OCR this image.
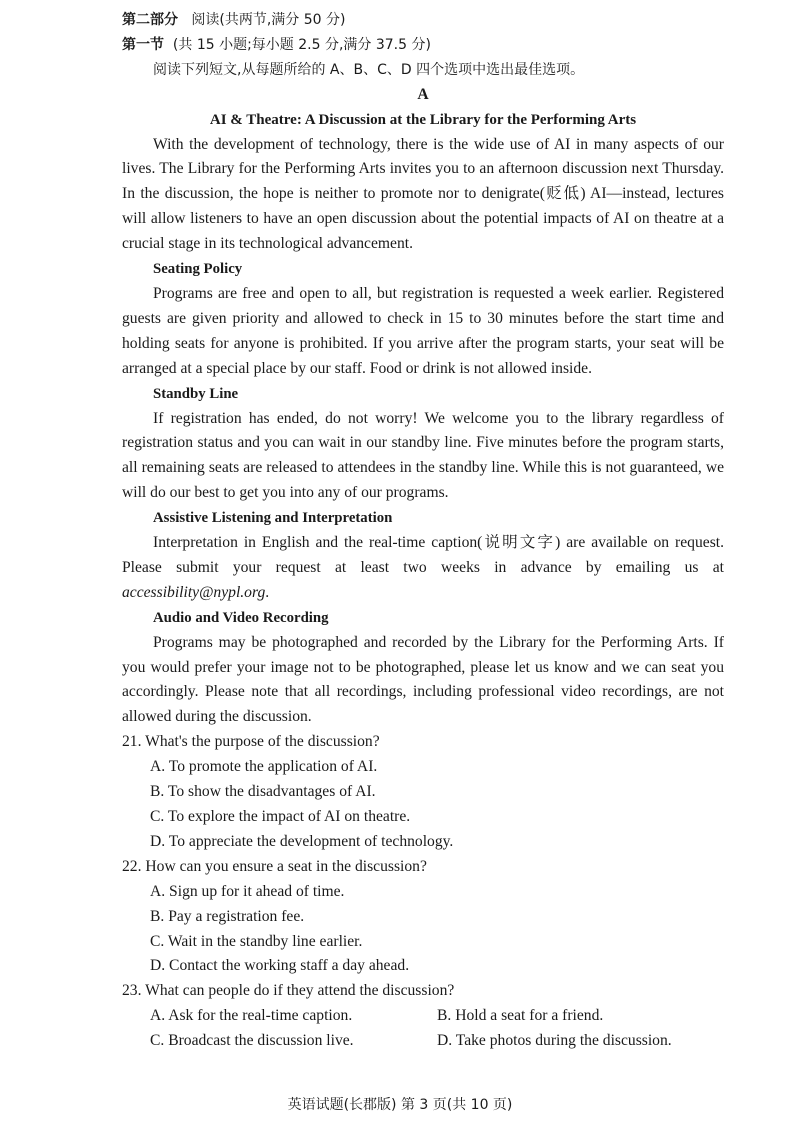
第二部分 阅读(共两节,满分 50 分)
第一节 (共 15 小题;每小题 2.5 分,满分 37.5 分)
阅读下列短文,从每题所给的 A、B、C、D 四个选项中选出最佳选项。
A
AI & Theatre: A Discussion at the Library for the Performing Arts

With the development of technology, there is the wide use of AI in many aspects of our lives. The Library for the Performing Arts invites you to an afternoon discussion next Thursday. In the discussion, the hope is neither to promote nor to denigrate(贬低) AI—instead, lectures will allow listeners to have an open discussion about the potential impacts of AI on theatre at a crucial stage in its technological advancement.

Seating Policy

Programs are free and open to all, but registration is requested a week earlier. Registered guests are given priority and allowed to check in 15 to 30 minutes before the start time and holding seats for anyone is prohibited. If you arrive after the program starts, your seat will be arranged at a special place by our staff. Food or drink is not allowed inside.

Standby Line

If registration has ended, do not worry! We welcome you to the library regardless of registration status and you can wait in our standby line. Five minutes before the program starts, all remaining seats are released to attendees in the standby line. While this is not guaranteed, we will do our best to get you into any of our programs.

Assistive Listening and Interpretation

Interpretation in English and the real-time caption(说明文字) are available on request. Please submit your request at least two weeks in advance by emailing us at accessibility@nypl.org.

Audio and Video Recording

Programs may be photographed and recorded by the Library for the Performing Arts. If you would prefer your image not to be photographed, please let us know and we can seat you accordingly. Please note that all recordings, including professional video recordings, are not allowed during the discussion.

21. What's the purpose of the discussion?
A. To promote the application of AI.
B. To show the disadvantages of AI.
C. To explore the impact of AI on theatre.
D. To appreciate the development of technology.
22. How can you ensure a seat in the discussion?
A. Sign up for it ahead of time.
B. Pay a registration fee.
C. Wait in the standby line earlier.
D. Contact the working staff a day ahead.
23. What can people do if they attend the discussion?
A. Ask for the real-time caption.	B. Hold a seat for a friend.
C. Broadcast the discussion live.	D. Take photos during the discussion.
英语试题(长郡版) 第 3 页(共 10 页)
